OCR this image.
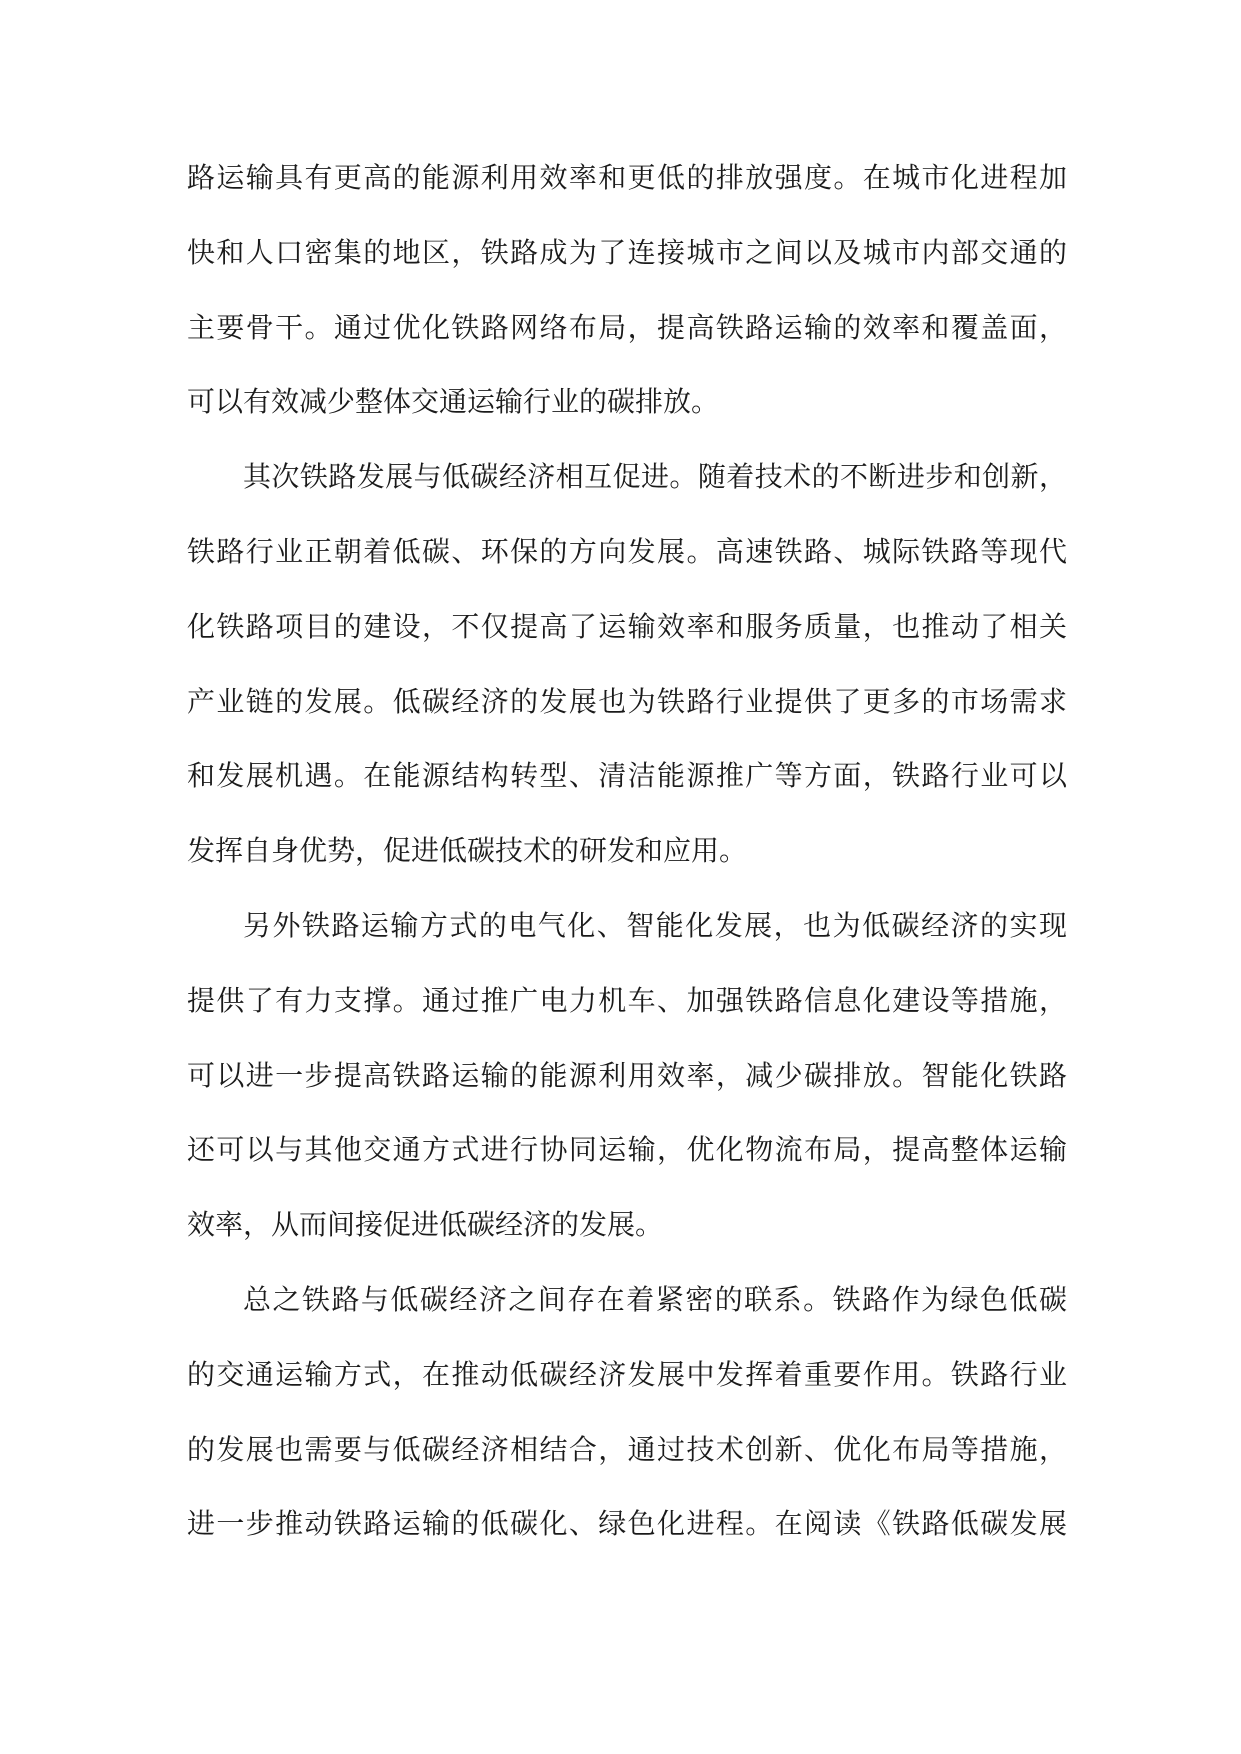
路运输具有更高的能源利用效率和更低的排放强度。在城市化进程加
快和人口密集的地区，铁路成为了连接城市之间以及城市内部交通的
主要骨干。通过优化铁路网络布局，提高铁路运输的效率和覆盖面，
可以有效减少整体交通运输行业的碳排放。
其次铁路发展与低碳经济相互促进。随着技术的不断进步和创新，
铁路行业正朝着低碳、环保的方向发展。高速铁路、城际铁路等现代
化铁路项目的建设，不仅提高了运输效率和服务质量，也推动了相关
产业链的发展。低碳经济的发展也为铁路行业提供了更多的市场需求
和发展机遇。在能源结构转型、清洁能源推广等方面，铁路行业可以
发挥自身优势，促进低碳技术的研发和应用。
另外铁路运输方式的电气化、智能化发展，也为低碳经济的实现
提供了有力支撑。通过推广电力机车、加强铁路信息化建设等措施，
可以进一步提高铁路运输的能源利用效率，减少碳排放。智能化铁路
还可以与其他交通方式进行协同运输，优化物流布局，提高整体运输
效率，从而间接促进低碳经济的发展。
总之铁路与低碳经济之间存在着紧密的联系。铁路作为绿色低碳
的交通运输方式，在推动低碳经济发展中发挥着重要作用。铁路行业
的发展也需要与低碳经济相结合，通过技术创新、优化布局等措施，
进一步推动铁路运输的低碳化、绿色化进程。在阅读《铁路低碳发展
